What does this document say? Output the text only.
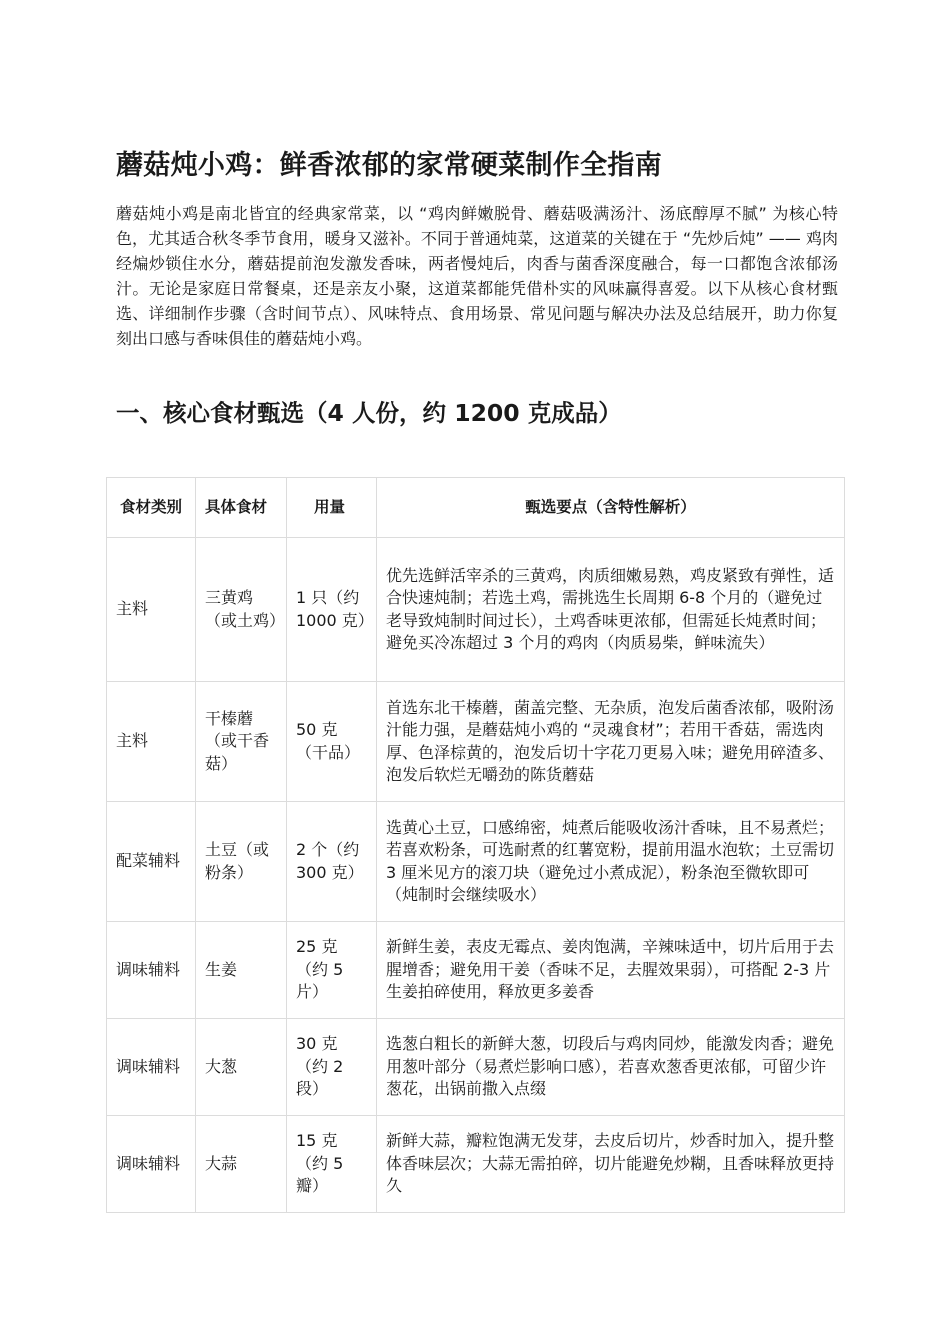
蘑菇炖小鸡：鲜香浓郁的家常硬菜制作全指南

蘑菇炖小鸡是南北皆宜的经典家常菜，以 “鸡肉鲜嫩脱骨、蘑菇吸满汤汁、汤底醇厚不腻” 为核心特色，尤其适合秋冬季节食用，暖身又滋补。不同于普通炖菜，这道菜的关键在于 “先炒后炖” —— 鸡肉经煸炒锁住水分，蘑菇提前泡发激发香味，两者慢炖后，肉香与菌香深度融合，每一口都饱含浓郁汤汁。无论是家庭日常餐桌，还是亲友小聚，这道菜都能凭借朴实的风味赢得喜爱。以下从核心食材甄选、详细制作步骤（含时间节点）、风味特点、食用场景、常见问题与解决办法及总结展开，助力你复刻出口感与香味俱佳的蘑菇炖小鸡。

一、核心食材甄选（4 人份，约 1200 克成品）
食材类别	具体食材	用量	甄选要点（含特性解析）
主料	三黄鸡 （或土鸡）	1 只（约 1000 克）	优先选鲜活宰杀的三黄鸡，肉质细嫩易熟，鸡皮紧致有弹性，适合快速炖制；若选土鸡，需挑选生长周期 6-8 个月的（避免过老导致炖制时间过长），土鸡香味更浓郁，但需延长炖煮时间；避免买冷冻超过 3 个月的鸡肉（肉质易柴，鲜味流失）
主料	干榛蘑 （或干香菇）	50 克 （干品）	首选东北干榛蘑，菌盖完整、无杂质，泡发后菌香浓郁，吸附汤汁能力强，是蘑菇炖小鸡的 “灵魂食材”；若用干香菇，需选肉厚、色泽棕黄的，泡发后切十字花刀更易入味；避免用碎渣多、泡发后软烂无嚼劲的陈货蘑菇
配菜辅料	土豆（或粉条）	2 个（约 300 克）	选黄心土豆，口感绵密，炖煮后能吸收汤汁香味，且不易煮烂；若喜欢粉条，可选耐煮的红薯宽粉，提前用温水泡软；土豆需切 3 厘米见方的滚刀块（避免过小煮成泥），粉条泡至微软即可（炖制时会继续吸水）
调味辅料	生姜	25 克 （约 5 片）	新鲜生姜，表皮无霉点、姜肉饱满，辛辣味适中，切片后用于去腥增香；避免用干姜（香味不足，去腥效果弱），可搭配 2-3 片生姜拍碎使用，释放更多姜香
调味辅料	大葱	30 克 （约 2 段）	选葱白粗长的新鲜大葱，切段后与鸡肉同炒，能激发肉香；避免用葱叶部分（易煮烂影响口感），若喜欢葱香更浓郁，可留少许葱花，出锅前撒入点缀
调味辅料	大蒜	15 克 （约 5 瓣）	新鲜大蒜，瓣粒饱满无发芽，去皮后切片，炒香时加入，提升整体香味层次；大蒜无需拍碎，切片能避免炒糊，且香味释放更持久
